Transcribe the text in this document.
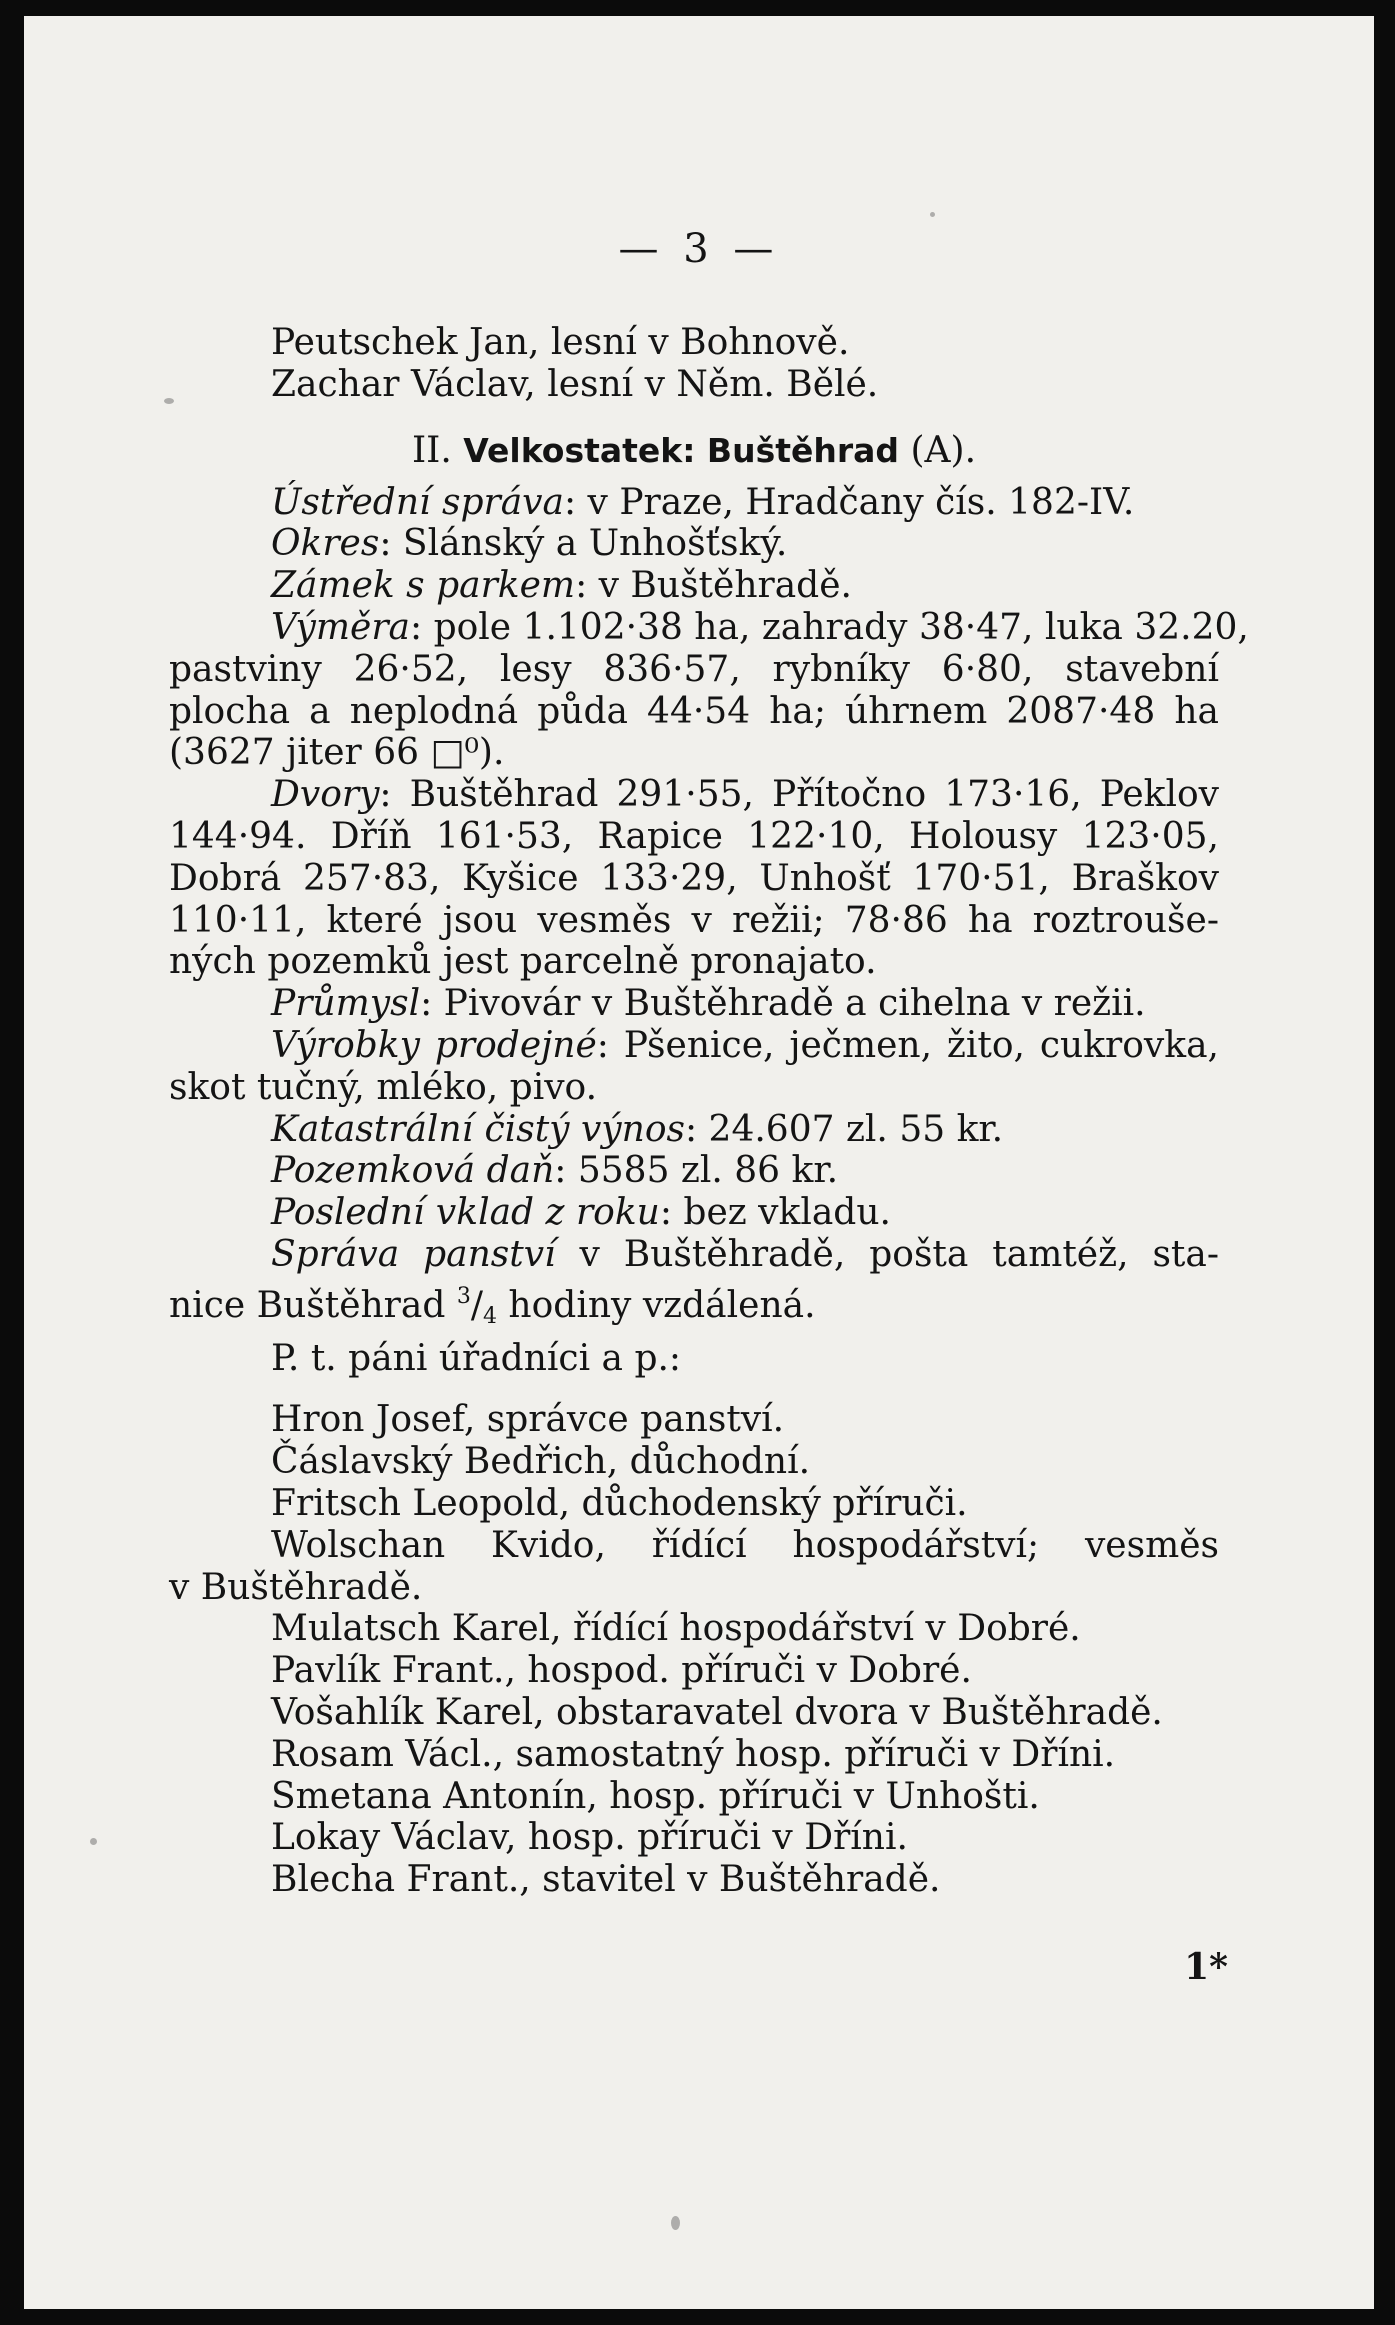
— 3 —
Peutschek Jan, lesní v Bohnově.
Zachar Václav, lesní v Něm. Bělé.
II. Velkostatek: Buštěhrad (A).
Ústřední správa: v Praze, Hradčany čís. 182-IV.
Okres: Slánský a Unhošťský.
Zámek s parkem: v Buštěhradě.
Výměra: pole 1.102·38 ha, zahrady 38·47, luka 32.20,
pastviny 26·52, lesy 836·57, rybníky 6·80, stavební
plocha a neplodná půda 44·54 ha; úhrnem 2087·48 ha
(3627 jiter 66 □⁰).
Dvory: Buštěhrad 291·55, Přítočno 173·16, Peklov
144·94. Dříň 161·53, Rapice 122·10, Holousy 123·05,
Dobrá 257·83, Kyšice 133·29, Unhošť 170·51, Braškov
110·11, které jsou vesměs v režii; 78·86 ha roztrouše-
ných pozemků jest parcelně pronajato.
Průmysl: Pivovár v Buštěhradě a cihelna v režii.
Výrobky prodejné: Pšenice, ječmen, žito, cukrovka,
skot tučný, mléko, pivo.
Katastrální čistý výnos: 24.607 zl. 55 kr.
Pozemková daň: 5585 zl. 86 kr.
Poslední vklad z roku: bez vkladu.
Správa panství v Buštěhradě, pošta tamtéž, sta-
nice Buštěhrad $^3/_4$ hodiny vzdálená.
P. t. páni úřadníci a p.:
Hron Josef, správce panství.
Čáslavský Bedřich, důchodní.
Fritsch Leopold, důchodenský příruči.
Wolschan Kvido, řídící hospodářství; vesměs
v Buštěhradě.
Mulatsch Karel, řídící hospodářství v Dobré.
Pavlík Frant., hospod. příruči v Dobré.
Vošahlík Karel, obstaravatel dvora v Buštěhradě.
Rosam Václ., samostatný hosp. příruči v Dříni.
Smetana Antonín, hosp. příruči v Unhošti.
Lokay Václav, hosp. příruči v Dříni.
Blecha Frant., stavitel v Buštěhradě.
1*
